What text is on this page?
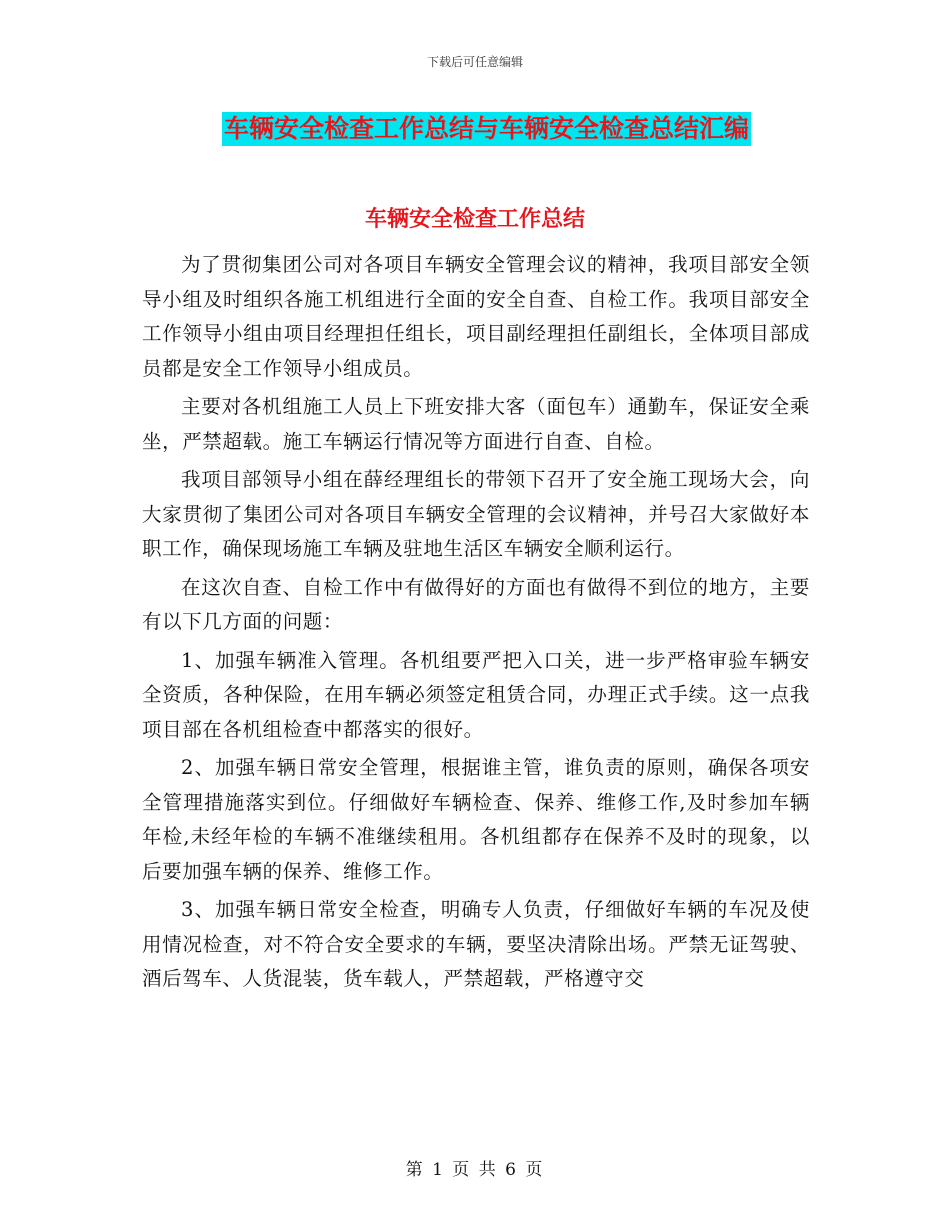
下载后可任意编辑
车辆安全检查工作总结与车辆安全检查总结汇编
车辆安全检查工作总结

为了贯彻集团公司对各项目车辆安全管理会议的精神，我项目部安全领导小组及时组织各施工机组进行全面的安全自查、自检工作。我项目部安全工作领导小组由项目经理担任组长，项目副经理担任副组长，全体项目部成员都是安全工作领导小组成员。

主要对各机组施工人员上下班安排大客（面包车）通勤车，保证安全乘坐，严禁超载。施工车辆运行情况等方面进行自查、自检。

我项目部领导小组在薛经理组长的带领下召开了安全施工现场大会，向大家贯彻了集团公司对各项目车辆安全管理的会议精神，并号召大家做好本职工作，确保现场施工车辆及驻地生活区车辆安全顺利运行。

在这次自查、自检工作中有做得好的方面也有做得不到位的地方，主要有以下几方面的问题：

1、加强车辆准入管理。各机组要严把入口关，进一步严格审验车辆安全资质，各种保险，在用车辆必须签定租赁合同，办理正式手续。这一点我项目部在各机组检查中都落实的很好。

2、加强车辆日常安全管理，根据谁主管，谁负责的原则，确保各项安全管理措施落实到位。仔细做好车辆检查、保养、维修工作,及时参加车辆年检,未经年检的车辆不准继续租用。各机组都存在保养不及时的现象，以后要加强车辆的保养、维修工作。

3、加强车辆日常安全检查，明确专人负责，仔细做好车辆的车况及使用情况检查，对不符合安全要求的车辆，要坚决清除出场。严禁无证驾驶、酒后驾车、人货混装，货车载人，严禁超载，严格遵守交

第 1 页 共 6 页
